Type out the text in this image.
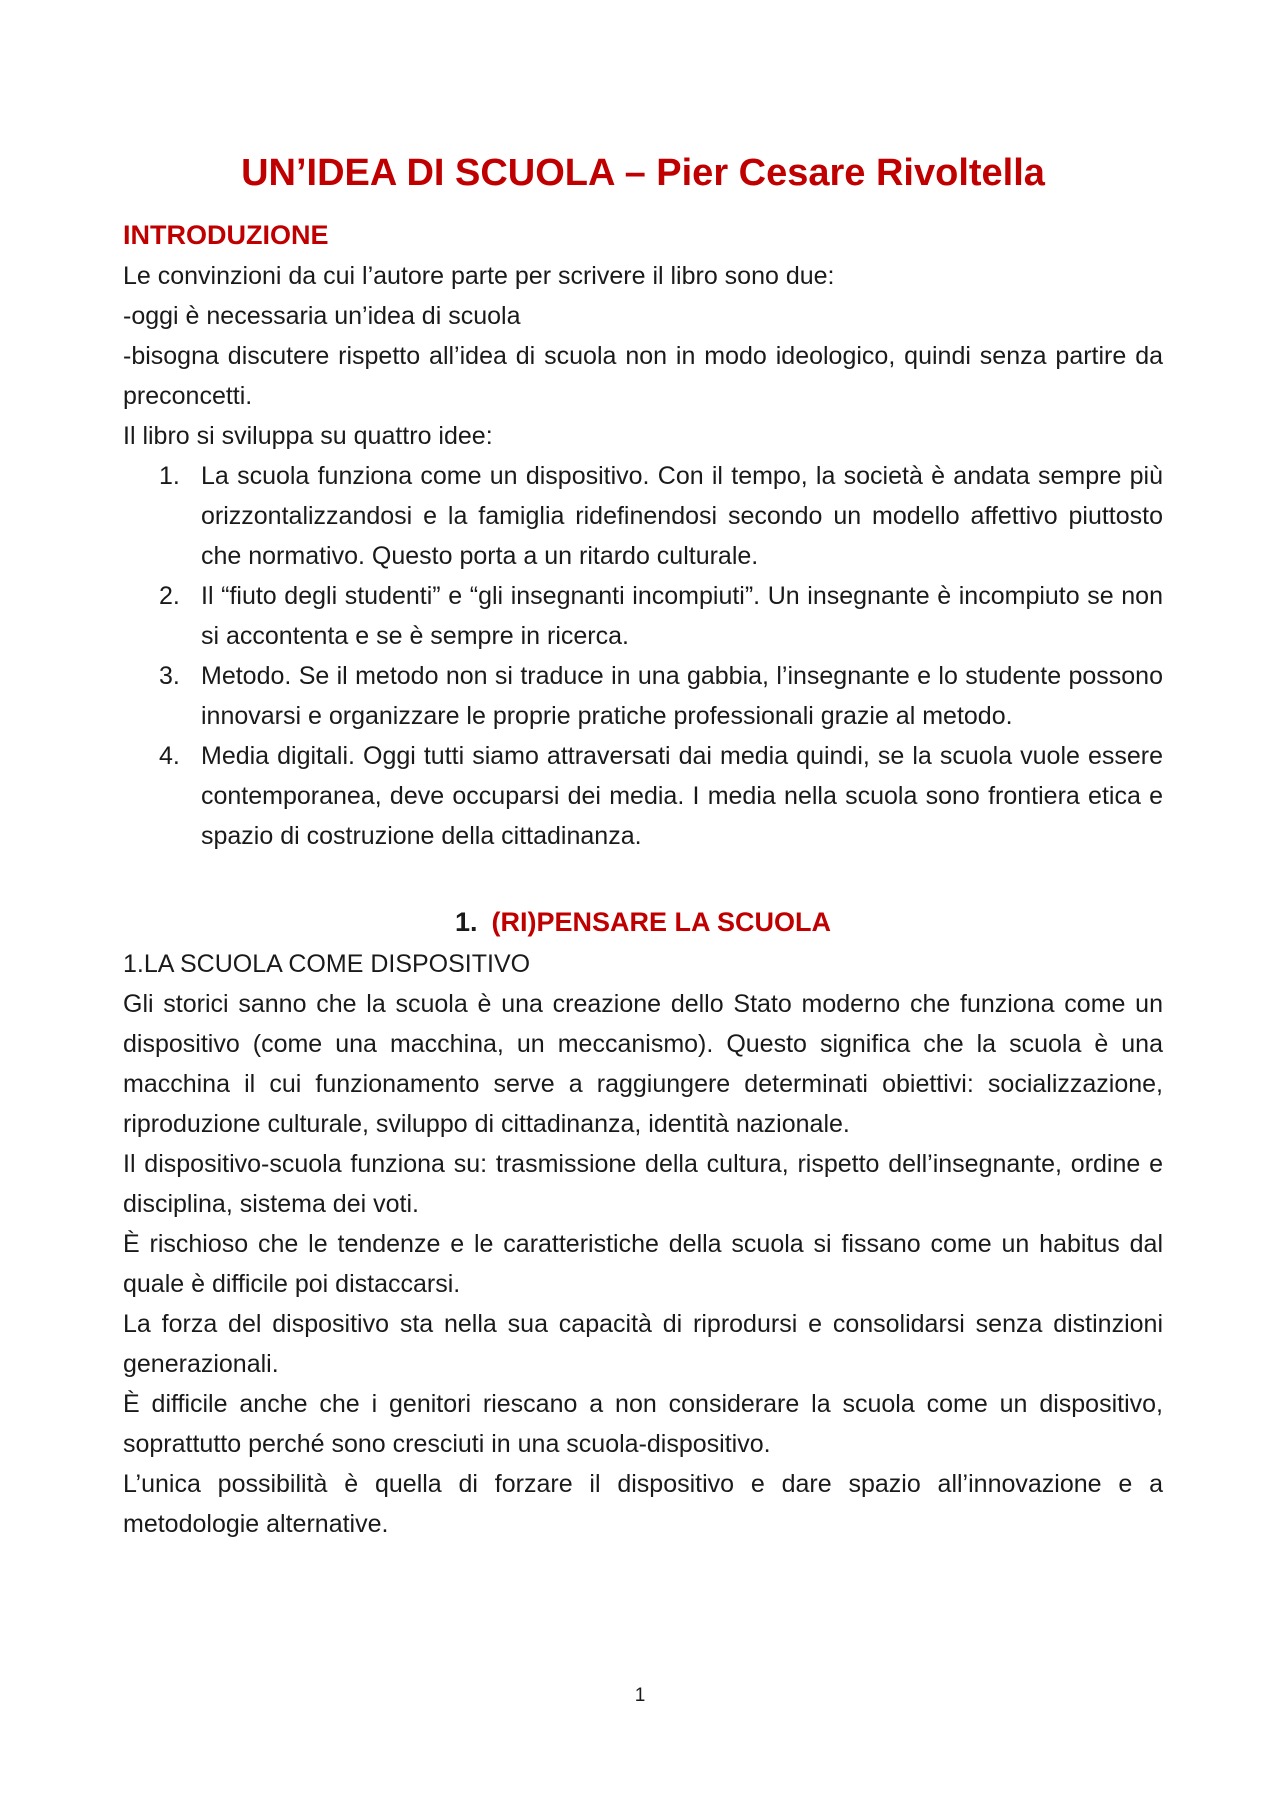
UN’IDEA DI SCUOLA – Pier Cesare Rivoltella
INTRODUZIONE

Le convinzioni da cui l’autore parte per scrivere il libro sono due:

-oggi è necessaria un’idea di scuola

-bisogna discutere rispetto all’idea di scuola non in modo ideologico, quindi senza partire da preconcetti.

Il libro si sviluppa su quattro idee:

1. La scuola funziona come un dispositivo. Con il tempo, la società è andata sempre più orizzontalizzandosi e la famiglia ridefinendosi secondo un modello affettivo piuttosto che normativo. Questo porta a un ritardo culturale.
2. Il “fiuto degli studenti” e “gli insegnanti incompiuti”. Un insegnante è incompiuto se non si accontenta e se è sempre in ricerca.
3. Metodo. Se il metodo non si traduce in una gabbia, l’insegnante e lo studente possono innovarsi e organizzare le proprie pratiche professionali grazie al metodo.
4. Media digitali. Oggi tutti siamo attraversati dai media quindi, se la scuola vuole essere contemporanea, deve occuparsi dei media. I media nella scuola sono frontiera etica e spazio di costruzione della cittadinanza.
1. (RI)PENSARE LA SCUOLA

1.LA SCUOLA COME DISPOSITIVO

Gli storici sanno che la scuola è una creazione dello Stato moderno che funziona come un dispositivo (come una macchina, un meccanismo). Questo significa che la scuola è una macchina il cui funzionamento serve a raggiungere determinati obiettivi: socializzazione, riproduzione culturale, sviluppo di cittadinanza, identità nazionale.

Il dispositivo-scuola funziona su: trasmissione della cultura, rispetto dell’insegnante, ordine e disciplina, sistema dei voti.

È rischioso che le tendenze e le caratteristiche della scuola si fissano come un habitus dal quale è difficile poi distaccarsi.

La forza del dispositivo sta nella sua capacità di riprodursi e consolidarsi senza distinzioni generazionali.

È difficile anche che i genitori riescano a non considerare la scuola come un dispositivo, soprattutto perché sono cresciuti in una scuola-dispositivo.

L’unica possibilità è quella di forzare il dispositivo e dare spazio all’innovazione e a metodologie alternative.

1
